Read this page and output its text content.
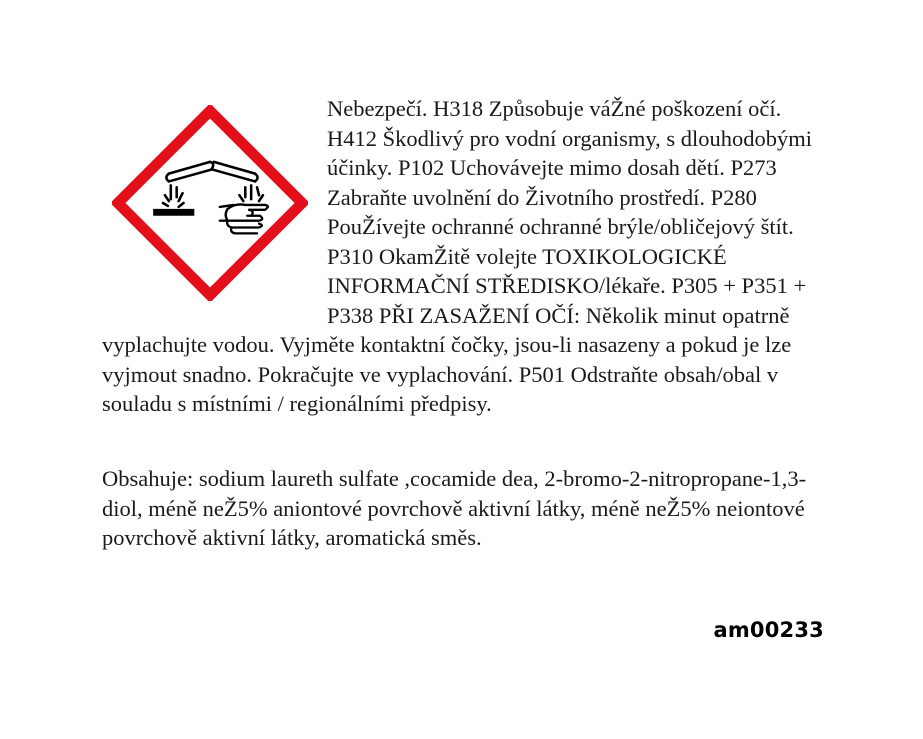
Nebezpečí. H318 Způsobuje váŽné poškození očí. H412 Škodlivý pro vodní organismy, s dlouhodobými účinky. P102 Uchovávejte mimo dosah dětí. P273 Zabraňte uvolnění do Životního prostředí. P280 PouŽívejte ochranné ochranné brýle/obličejový štít. P310 OkamŽitě volejte TOXIKOLOGICKÉ INFORMAČNÍ STŘEDISKO/lékaře. P305 + P351 + P338 PŘI ZASAŽENÍ OČÍ: Několik minut opatrně vyplachujte vodou. Vyjměte kontaktní čočky, jsou-li nasazeny a pokud je lze vyjmout snadno. Pokračujte ve vyplachování. P501 Odstraňte obsah/obal v souladu s místními / regionálními předpisy.

Obsahuje: sodium laureth sulfate ,cocamide dea, 2-bromo-2-nitropropane-1,3-diol, méně neŽ5% aniontové povrchově aktivní látky, méně neŽ5% neiontové povrchově aktivní látky, aromatická směs.

am00233
